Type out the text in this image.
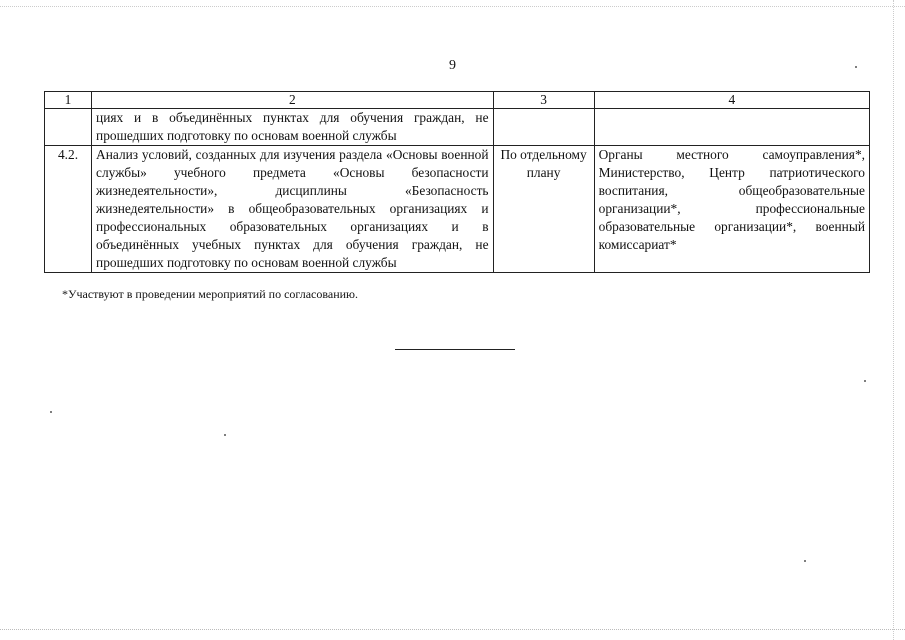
9
1	2	3	4
	циях и в объединённых пунктах для обучения граждан, не прошедших подготовку по основам военной службы		
4.2.	Анализ условий, созданных для изучения раздела «Основы военной службы» учебного предмета «Основы безопасности жизнедеятельности», дисциплины «Безопасность жизнедеятельности» в общеобразовательных организациях и профессиональных образовательных организациях и в объединённых учебных пунктах для обучения граждан, не прошедших подготовку по основам военной службы	По отдельному плану	Органы местного самоуправления*, Министерство, Центр патриотического воспитания, общеобразовательные организации*, профессиональные образовательные организации*, военный комиссариат*
*Участвуют в проведении мероприятий по согласованию.
